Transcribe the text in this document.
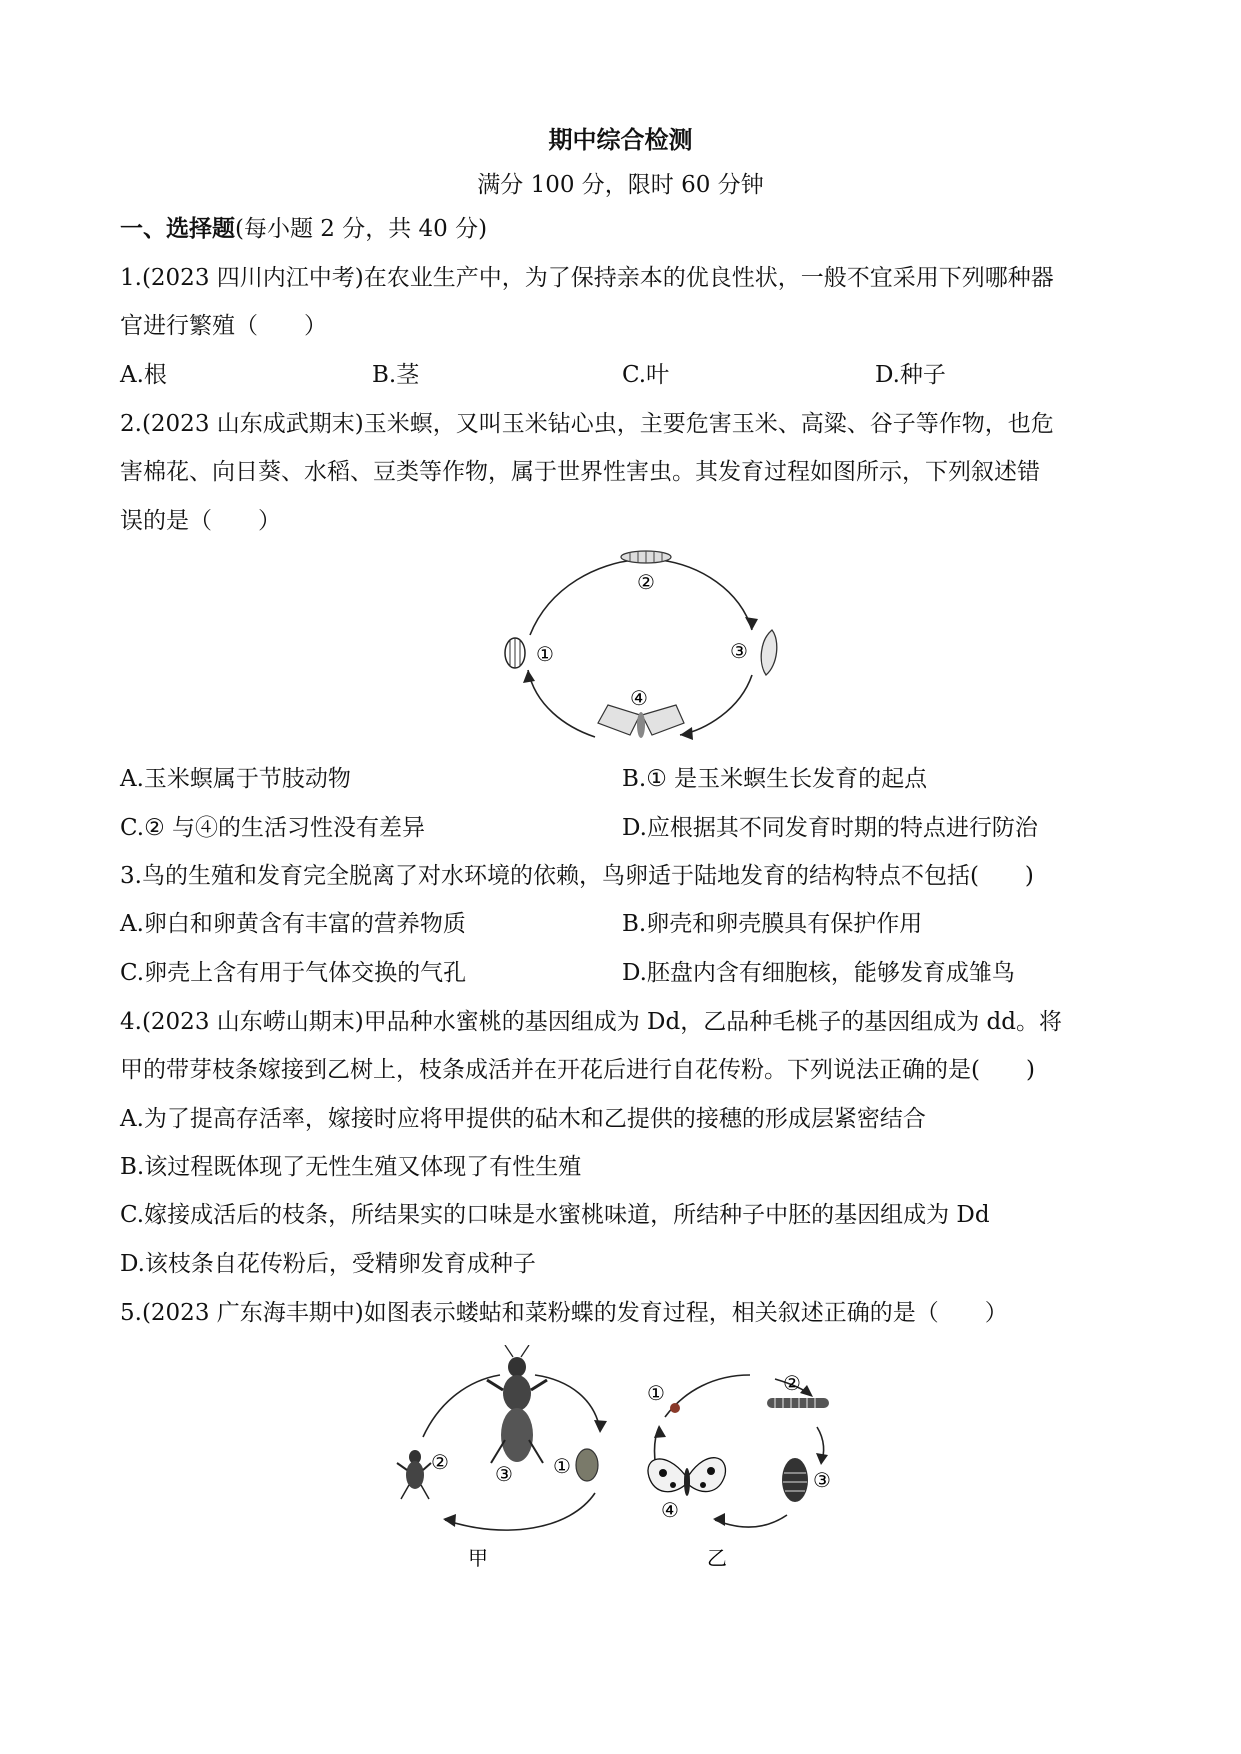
期中综合检测
满分 100 分，限时 60 分钟
一、选择题(每小题 2 分，共 40 分)
1.(2023 四川内江中考)在农业生产中，为了保持亲本的优良性状，一般不宜采用下列哪种器
官进行繁殖（　　）
A.根	B.茎	C.叶	D.种子
2.(2023 山东成武期末)玉米螟，又叫玉米钻心虫，主要危害玉米、高粱、谷子等作物，也危
害棉花、向日葵、水稻、豆类等作物，属于世界性害虫。其发育过程如图所示，下列叙述错
误的是（　　）
①
②
③
④
A.玉米螟属于节肢动物	B.① 是玉米螟生长发育的起点
C.② 与④的生活习性没有差异	D.应根据其不同发育时期的特点进行防治
3.鸟的生殖和发育完全脱离了对水环境的依赖，鸟卵适于陆地发育的结构特点不包括(　　)
A.卵白和卵黄含有丰富的营养物质	B.卵壳和卵壳膜具有保护作用
C.卵壳上含有用于气体交换的气孔	D.胚盘内含有细胞核，能够发育成雏鸟
4.(2023 山东崂山期末)甲品种水蜜桃的基因组成为 Dd，乙品种毛桃子的基因组成为 dd。将
甲的带芽枝条嫁接到乙树上，枝条成活并在开花后进行自花传粉。下列说法正确的是(　　)
A.为了提高存活率，嫁接时应将甲提供的砧木和乙提供的接穗的形成层紧密结合
B.该过程既体现了无性生殖又体现了有性生殖
C.嫁接成活后的枝条，所结果实的口味是水蜜桃味道，所结种子中胚的基因组成为 Dd
D.该枝条自花传粉后，受精卵发育成种子
5.(2023 广东海丰期中)如图表示蝼蛄和菜粉蝶的发育过程，相关叙述正确的是（　　）
② ③ ①
甲
①	②
③
④
乙
